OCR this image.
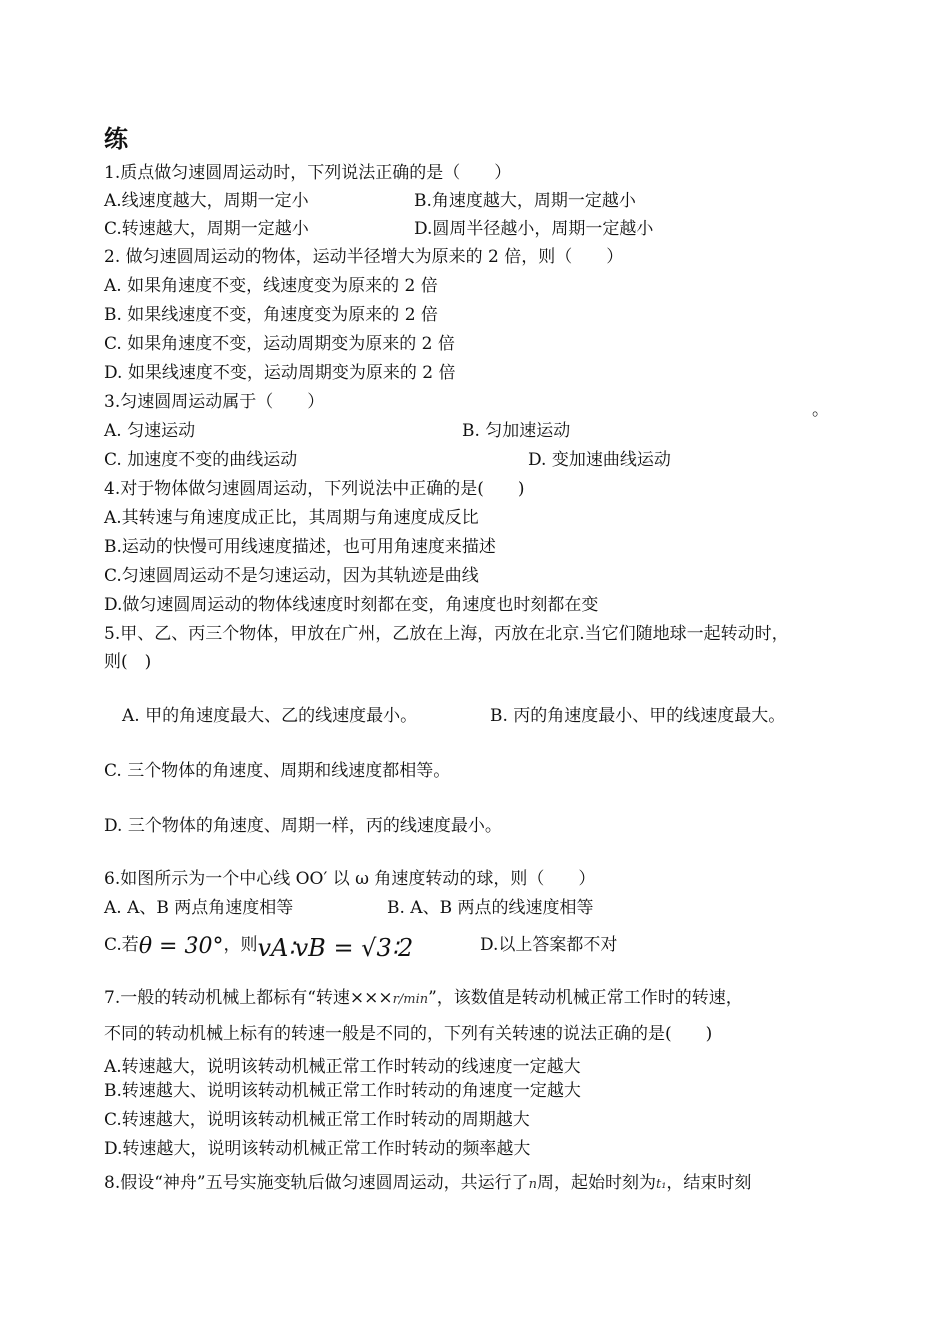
练
1.质点做匀速圆周运动时，下列说法正确的是（　　）
A.线速度越大，周期一定小	B.角速度越大，周期一定越小
C.转速越大，周期一定越小	D.圆周半径越小，周期一定越小
2. 做匀速圆周运动的物体，运动半径增大为原来的 2 倍，则（　　）
A. 如果角速度不变，线速度变为原来的 2 倍
B. 如果线速度不变，角速度变为原来的 2 倍
C. 如果角速度不变，运动周期变为原来的 2 倍
D. 如果线速度不变，运动周期变为原来的 2 倍
3.匀速圆周运动属于（　　）	。
A. 匀速运动	B. 匀加速运动
C. 加速度不变的曲线运动	D. 变加速曲线运动
4.对于物体做匀速圆周运动，下列说法中正确的是(　　)
A.其转速与角速度成正比，其周期与角速度成反比
B.运动的快慢可用线速度描述，也可用角速度来描述
C.匀速圆周运动不是匀速运动，因为其轨迹是曲线
D.做匀速圆周运动的物体线速度时刻都在变，角速度也时刻都在变
5.甲、乙、丙三个物体，甲放在广州，乙放在上海，丙放在北京.当它们随地球一起转动时，
则(　)
A. 甲的角速度最大、乙的线速度最小。	B. 丙的角速度最小、甲的线速度最大。
C. 三个物体的角速度、周期和线速度都相等。
D. 三个物体的角速度、周期一样，丙的线速度最小。
6.如图所示为一个中心线 OO′ 以 ω 角速度转动的球，则（　　）
A. A、B 两点角速度相等	B. A、B 两点的线速度相等
C.若θ = 30°，则vA∶vB = √3∶2	D.以上答案都不对
7.一般的转动机械上都标有“转速×××r/min”，该数值是转动机械正常工作时的转速，
不同的转动机械上标有的转速一般是不同的，下列有关转速的说法正确的是(　　)
A.转速越大，说明该转动机械正常工作时转动的线速度一定越大
B.转速越大、说明该转动机械正常工作时转动的角速度一定越大
C.转速越大，说明该转动机械正常工作时转动的周期越大
D.转速越大，说明该转动机械正常工作时转动的频率越大
8.假设“神舟”五号实施变轨后做匀速圆周运动，共运行了n周，起始时刻为t₁，结束时刻
